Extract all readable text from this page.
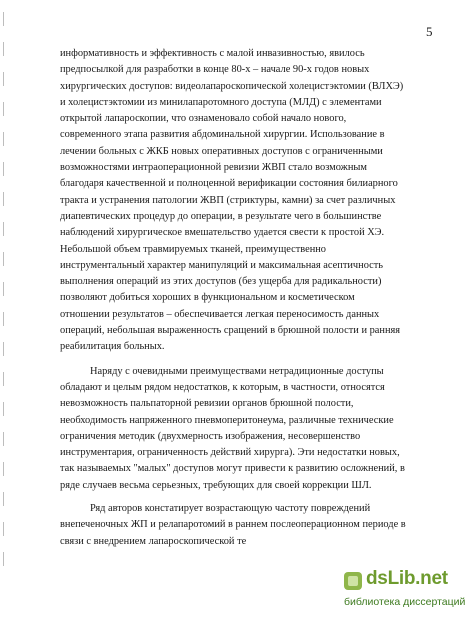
5

информативность и эффективность с малой инвазивностью, явилось
предпосылкой для разработки в конце 80-х – начале 90-х годов новых
хирургических доступов: видеолапароскопической холецистэктомии (ВЛХЭ)
и холецистэктомии из минилапаротомного доступа (МЛД) с элементами
открытой лапароскопии, что ознаменовало собой начало нового,
современного этапа развития абдоминальной хирургии. Использование в
лечении больных с ЖКБ новых оперативных доступов с ограниченными
возможностями интраоперационной ревизии ЖВП стало возможным
благодаря качественной и полноценной верификации состояния билиарного
тракта и устранения патологии ЖВП (стриктуры, камни) за счет различных
диапевтических процедур до операции, в результате чего в большинстве
наблюдений хирургическое вмешательство удается свести к простой ХЭ.
Небольшой объем травмируемых тканей, преимущественно
инструментальный характер манипуляций и максимальная асептичность
выполнения операций из этих доступов (без ущерба для радикальности)
позволяют добиться хороших в функциональном и косметическом
отношении результатов – обеспечивается легкая переносимость данных
операций, небольшая выраженность сращений в брюшной полости и ранняя
реабилитация больных.

Наряду с очевидными преимуществами нетрадиционные доступы
обладают и целым рядом недостатков, к которым, в частности, относятся
невозможность пальпаторной ревизии органов брюшной полости,
необходимость напряженного пневмоперитонеума, различные технические
ограничения методик (двухмерность изображения, несовершенство
инструментария, ограниченность действий хирурга). Эти недостатки новых,
так называемых "малых" доступов могут привести к развитию осложнений, в
ряде случаев весьма серьезных, требующих для своей коррекции ШЛ.

Ряд авторов констатирует возрастающую частоту повреждений
внепеченочных ЖП и релапаротомий в раннем послеоперационном периоде в
связи с внедрением лапароскопической те

dsLib.net
библиотека диссертаций
